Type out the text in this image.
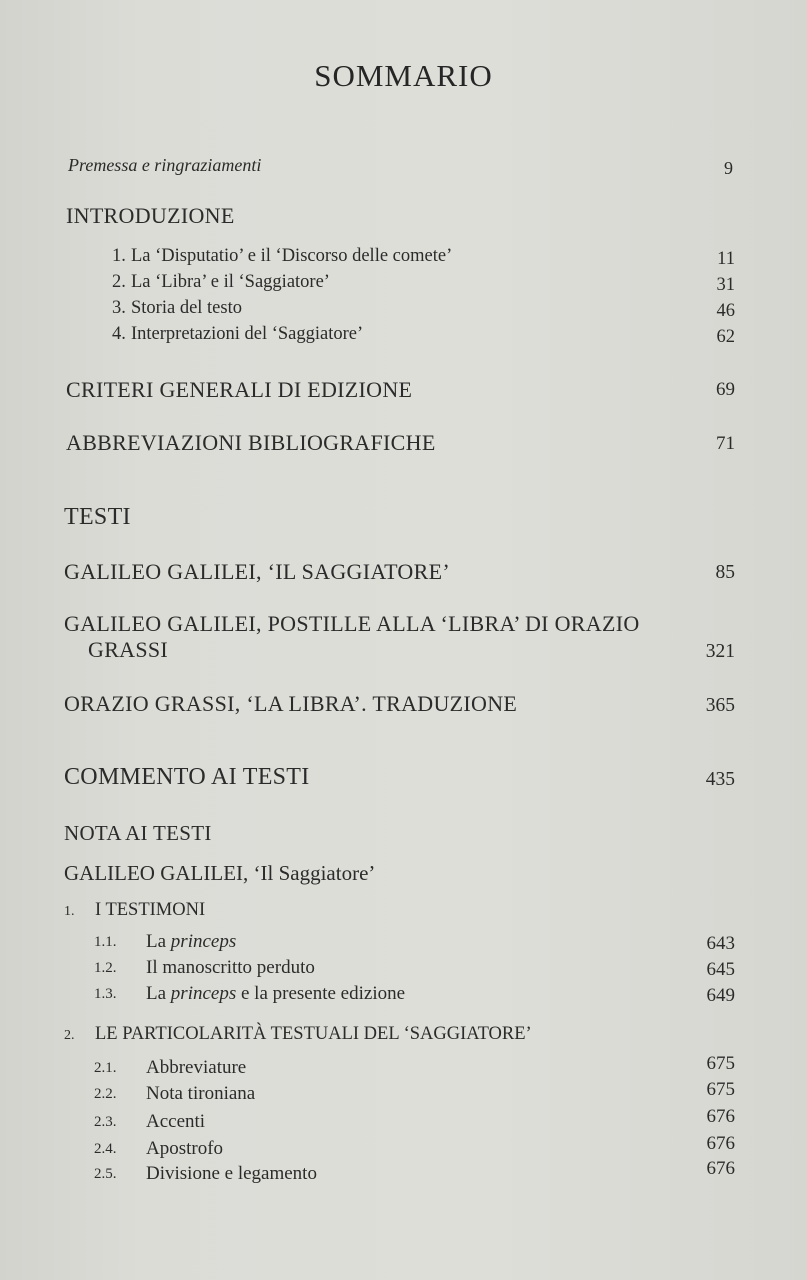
SOMMARIO
Premessa e ringraziamenti	9
INTRODUZIONE
1. La ‘Disputatio’ e il ‘Discorso delle comete’	11
2. La ‘Libra’ e il ‘Saggiatore’	31
3. Storia del testo	46
4. Interpretazioni del ‘Saggiatore’	62
CRITERI GENERALI DI EDIZIONE	69
ABBREVIAZIONI BIBLIOGRAFICHE	71
TESTI
GALILEO GALILEI, ‘IL SAGGIATORE’	85
GALILEO GALILEI, POSTILLE ALLA ‘LIBRA’ DI ORAZIO
GRASSI	321
ORAZIO GRASSI, ‘LA LIBRA’. TRADUZIONE	365
COMMENTO AI TESTI	435
NOTA AI TESTI
GALILEO GALILEI, ‘Il Saggiatore’
1. I TESTIMONI
1.1. La princeps	643
1.2. Il manoscritto perduto	645
1.3. La princeps e la presente edizione	649
2. LE PARTICOLARITÀ TESTUALI DEL ‘SAGGIATORE’
2.1. Abbreviature	675
2.2. Nota tironiana	675
2.3. Accenti	676
2.4. Apostrofo	676
2.5. Divisione e legamento	676
